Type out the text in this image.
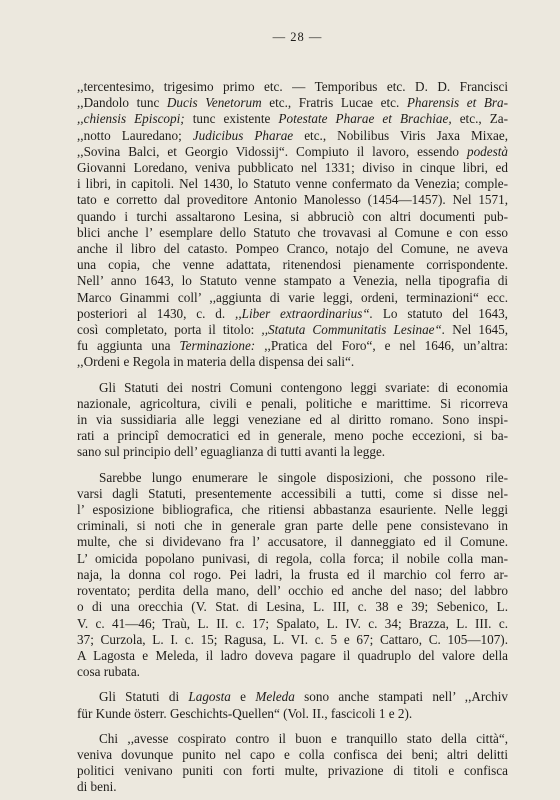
— 28 —
,,tercentesimo, trigesimo primo etc. — Temporibus etc. D. D. Francisci
,,Dandolo tunc Ducis Venetorum etc., Fratris Lucae etc. Pharensis et Bra-
,,chiensis Episcopi; tunc existente Potestate Pharae et Brachiae, etc., Za-
,,notto Lauredano; Judicibus Pharae etc., Nobilibus Viris Jaxa Mixae,
,,Sovina Balci, et Georgio Vidossij“. Compiuto il lavoro, essendo podestà
Giovanni Loredano, veniva pubblicato nel 1331; diviso in cinque libri, ed
i libri, in capitoli. Nel 1430, lo Statuto venne confermato da Venezia; comple-
tato e corretto dal proveditore Antonio Manolesso (1454—1457). Nel 1571,
quando i turchi assaltarono Lesina, si abbruciò con altri documenti pub-
blici anche l’ esemplare dello Statuto che trovavasi al Comune e con esso
anche il libro del catasto. Pompeo Cranco, notajo del Comune, ne aveva
una copia, che venne adattata, ritenendosi pienamente corrispondente.
Nell’ anno 1643, lo Statuto venne stampato a Venezia, nella tipografia di
Marco Ginammi coll’ ,,aggiunta di varie leggi, ordeni, terminazioni“ ecc.
posteriori al 1430, c. d. ,,Liber extraordinarius“. Lo statuto del 1643,
così completato, porta il titolo: ,,Statuta Communitatis Lesinae“. Nel 1645,
fu aggiunta una Terminazione: ,,Pratica del Foro“, e nel 1646, un’altra:
,,Ordeni e Regola in materia della dispensa dei sali“.
Gli Statuti dei nostri Comuni contengono leggi svariate: di economia
nazionale, agricoltura, civili e penali, politiche e marittime. Si ricorreva
in via sussidiaria alle leggi veneziane ed al diritto romano. Sono inspi-
rati a principî democratici ed in generale, meno poche eccezioni, si ba-
sano sul principio dell’ eguaglianza di tutti avanti la legge.
Sarebbe lungo enumerare le singole disposizioni, che possono rile-
varsi dagli Statuti, presentemente accessibili a tutti, come si disse nel-
l’ esposizione bibliografica, che ritiensi abbastanza esauriente. Nelle leggi
criminali, si noti che in generale gran parte delle pene consistevano in
multe, che si dividevano fra l’ accusatore, il danneggiato ed il Comune.
L’ omicida popolano punivasi, di regola, colla forca; il nobile colla man-
naja, la donna col rogo. Pei ladri, la frusta ed il marchio col ferro ar-
roventato; perdita della mano, dell’ occhio ed anche del naso; del labbro
o di una orecchia (V. Stat. di Lesina, L. III, c. 38 e 39; Sebenico, L.
V. c. 41—46; Traù, L. II. c. 17; Spalato, L. IV. c. 34; Brazza, L. III. c.
37; Curzola, L. I. c. 15; Ragusa, L. VI. c. 5 e 67; Cattaro, C. 105—107).
A Lagosta e Meleda, il ladro doveva pagare il quadruplo del valore della
cosa rubata.
Gli Statuti di Lagosta e Meleda sono anche stampati nell’ ,,Archiv
für Kunde österr. Geschichts-Quellen“ (Vol. II., fascicoli 1 e 2).
Chi ,,avesse cospirato contro il buon e tranquillo stato della città“,
veniva dovunque punito nel capo e colla confisca dei beni; altri delitti
politici venivano puniti con forti multe, privazione di titoli e confisca
di beni.
